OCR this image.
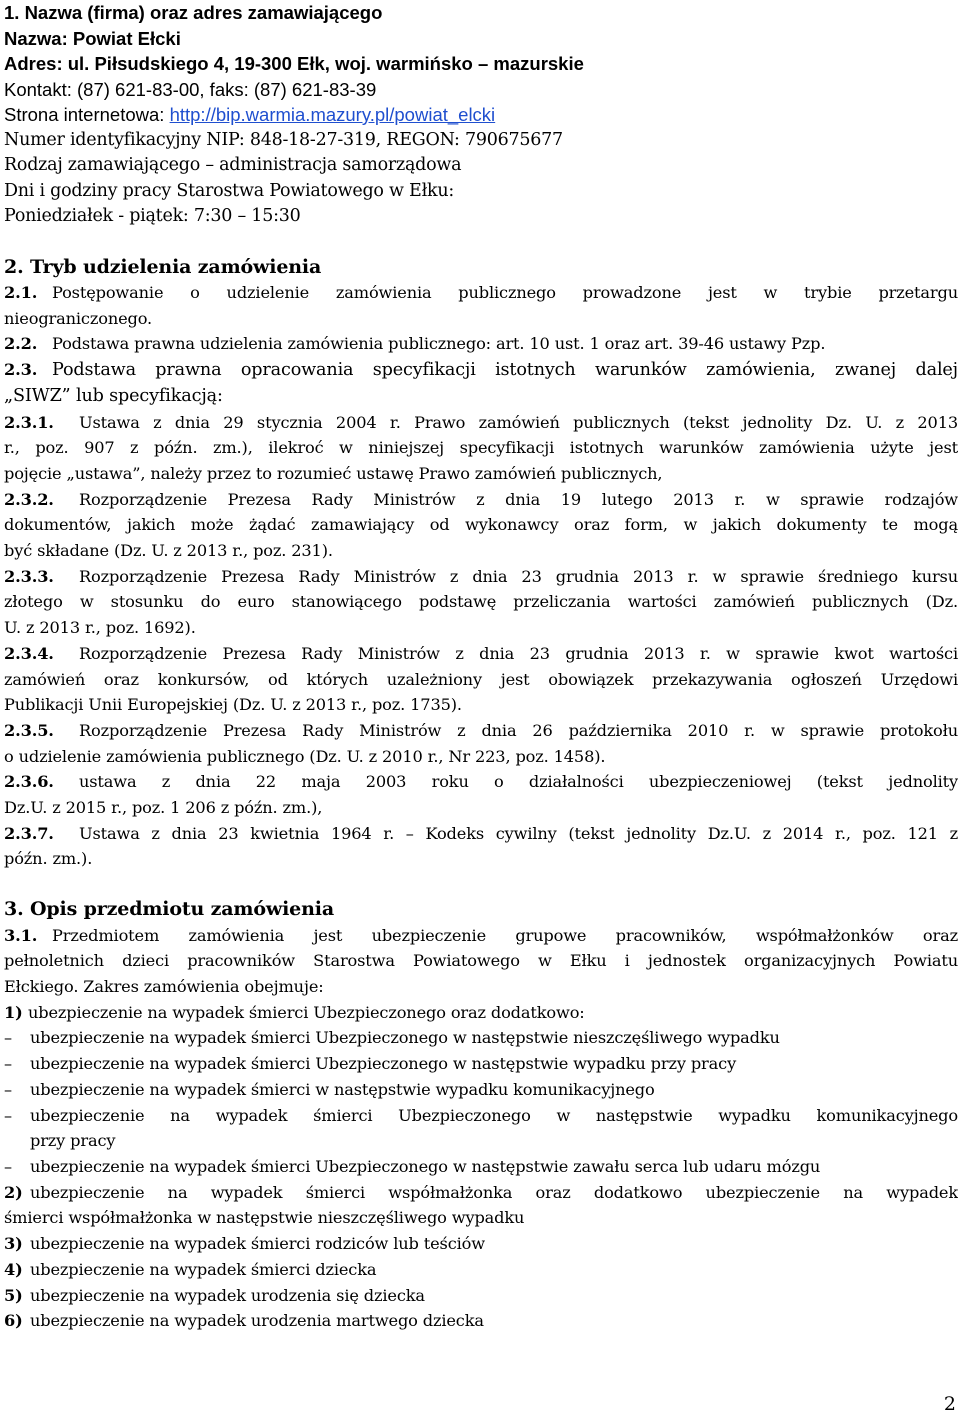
1. Nazwa (firma) oraz adres zamawiającego
Nazwa: Powiat Ełcki
Adres: ul. Piłsudskiego 4, 19-300 Ełk, woj. warmińsko – mazurskie
Kontakt: (87) 621-83-00, faks: (87) 621-83-39
Strona internetowa: http://bip.warmia.mazury.pl/powiat_elcki
Numer identyfikacyjny NIP: 848-18-27-319, REGON: 790675677
Rodzaj zamawiającego – administracja samorządowa
Dni i godziny pracy Starostwa Powiatowego w Ełku:
Poniedziałek - piątek: 7:30 – 15:30
2. Tryb udzielenia zamówienia
2.1. Postępowanie o udzielenie zamówienia publicznego prowadzone jest w trybie przetargu
nieograniczonego.
2.2. Podstawa prawna udzielenia zamówienia publicznego: art. 10 ust. 1 oraz art. 39-46 ustawy Pzp.
2.3. Podstawa prawna opracowania specyfikacji istotnych warunków zamówienia, zwanej dalej
„SIWZ” lub specyfikacją:
2.3.1. Ustawa z dnia 29 stycznia 2004 r. Prawo zamówień publicznych (tekst jednolity Dz. U. z 2013
r., poz. 907 z późn. zm.), ilekroć w niniejszej specyfikacji istotnych warunków zamówienia użyte jest
pojęcie „ustawa”, należy przez to rozumieć ustawę Prawo zamówień publicznych,
2.3.2. Rozporządzenie Prezesa Rady Ministrów z dnia 19 lutego 2013 r. w sprawie rodzajów
dokumentów, jakich może żądać zamawiający od wykonawcy oraz form, w jakich dokumenty te mogą
być składane (Dz. U. z 2013 r., poz. 231).
2.3.3. Rozporządzenie Prezesa Rady Ministrów z dnia 23 grudnia 2013 r. w sprawie średniego kursu
złotego w stosunku do euro stanowiącego podstawę przeliczania wartości zamówień publicznych (Dz.
U. z 2013 r., poz. 1692).
2.3.4. Rozporządzenie Prezesa Rady Ministrów z dnia 23 grudnia 2013 r. w sprawie kwot wartości
zamówień oraz konkursów, od których uzależniony jest obowiązek przekazywania ogłoszeń Urzędowi
Publikacji Unii Europejskiej (Dz. U. z 2013 r., poz. 1735).
2.3.5. Rozporządzenie Prezesa Rady Ministrów z dnia 26 października 2010 r. w sprawie protokołu
o udzielenie zamówienia publicznego (Dz. U. z 2010 r., Nr 223, poz. 1458).
2.3.6. ustawa z dnia 22 maja 2003 roku o działalności ubezpieczeniowej (tekst jednolity
Dz.U. z 2015 r., poz. 1 206 z późn. zm.),
2.3.7. Ustawa z dnia 23 kwietnia 1964 r. – Kodeks cywilny (tekst jednolity Dz.U. z 2014 r., poz. 121 z
późn. zm.).
3. Opis przedmiotu zamówienia
3.1. Przedmiotem zamówienia jest ubezpieczenie grupowe pracowników, współmałżonków oraz
pełnoletnich dzieci pracowników Starostwa Powiatowego w Ełku i jednostek organizacyjnych Powiatu
Ełckiego. Zakres zamówienia obejmuje:
1) ubezpieczenie na wypadek śmierci Ubezpieczonego oraz dodatkowo:
– ubezpieczenie na wypadek śmierci Ubezpieczonego w następstwie nieszczęśliwego wypadku
– ubezpieczenie na wypadek śmierci Ubezpieczonego w następstwie wypadku przy pracy
– ubezpieczenie na wypadek śmierci w następstwie wypadku komunikacyjnego
– ubezpieczenie na wypadek śmierci Ubezpieczonego w następstwie wypadku komunikacyjnego
przy pracy
– ubezpieczenie na wypadek śmierci Ubezpieczonego w następstwie zawału serca lub udaru mózgu
2) ubezpieczenie na wypadek śmierci współmałżonka oraz dodatkowo ubezpieczenie na wypadek
śmierci współmałżonka w następstwie nieszczęśliwego wypadku
3) ubezpieczenie na wypadek śmierci rodziców lub teściów
4) ubezpieczenie na wypadek śmierci dziecka
5) ubezpieczenie na wypadek urodzenia się dziecka
6) ubezpieczenie na wypadek urodzenia martwego dziecka
2
